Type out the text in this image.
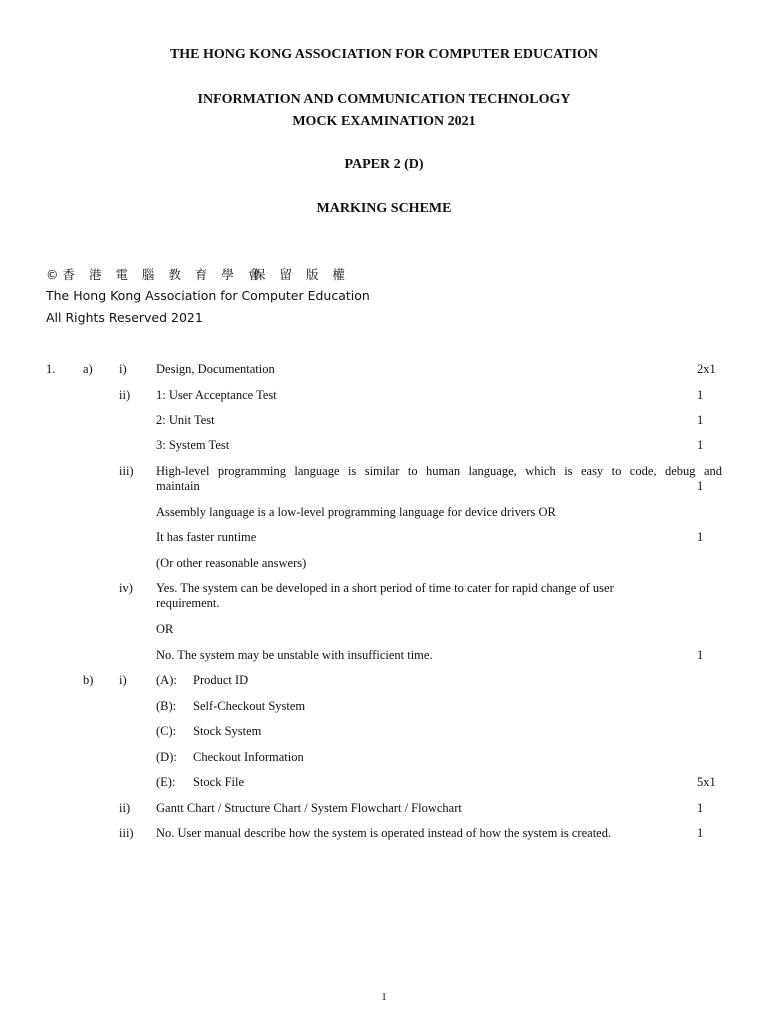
THE HONG KONG ASSOCIATION FOR COMPUTER EDUCATION
INFORMATION AND COMMUNICATION TECHNOLOGY
MOCK EXAMINATION 2021
PAPER 2 (D)
MARKING SCHEME
©香 港 電 腦 教 育 學 會
保 留 版 權
The Hong Kong Association for Computer Education
All Rights Reserved 2021
1. a) i) Design, Documentation	2x1
ii) 1: User Acceptance Test	1
2: Unit Test	1
3: System Test	1
iii) High-level programming language is similar to human language, which is easy to code, debug and
maintain	1
Assembly language is a low-level programming language for device drivers OR
It has faster runtime	1
(Or other reasonable answers)
iv) Yes. The system can be developed in a short period of time to cater for rapid change of user
requirement.
OR
No. The system may be unstable with insufficient time.	1
b) i) (A): Product ID
(B): Self-Checkout System
(C): Stock System
(D): Checkout Information
(E): Stock File	5x1
ii) Gantt Chart / Structure Chart / System Flowchart / Flowchart	1
iii) No. User manual describe how the system is operated instead of how the system is created.	1
1
